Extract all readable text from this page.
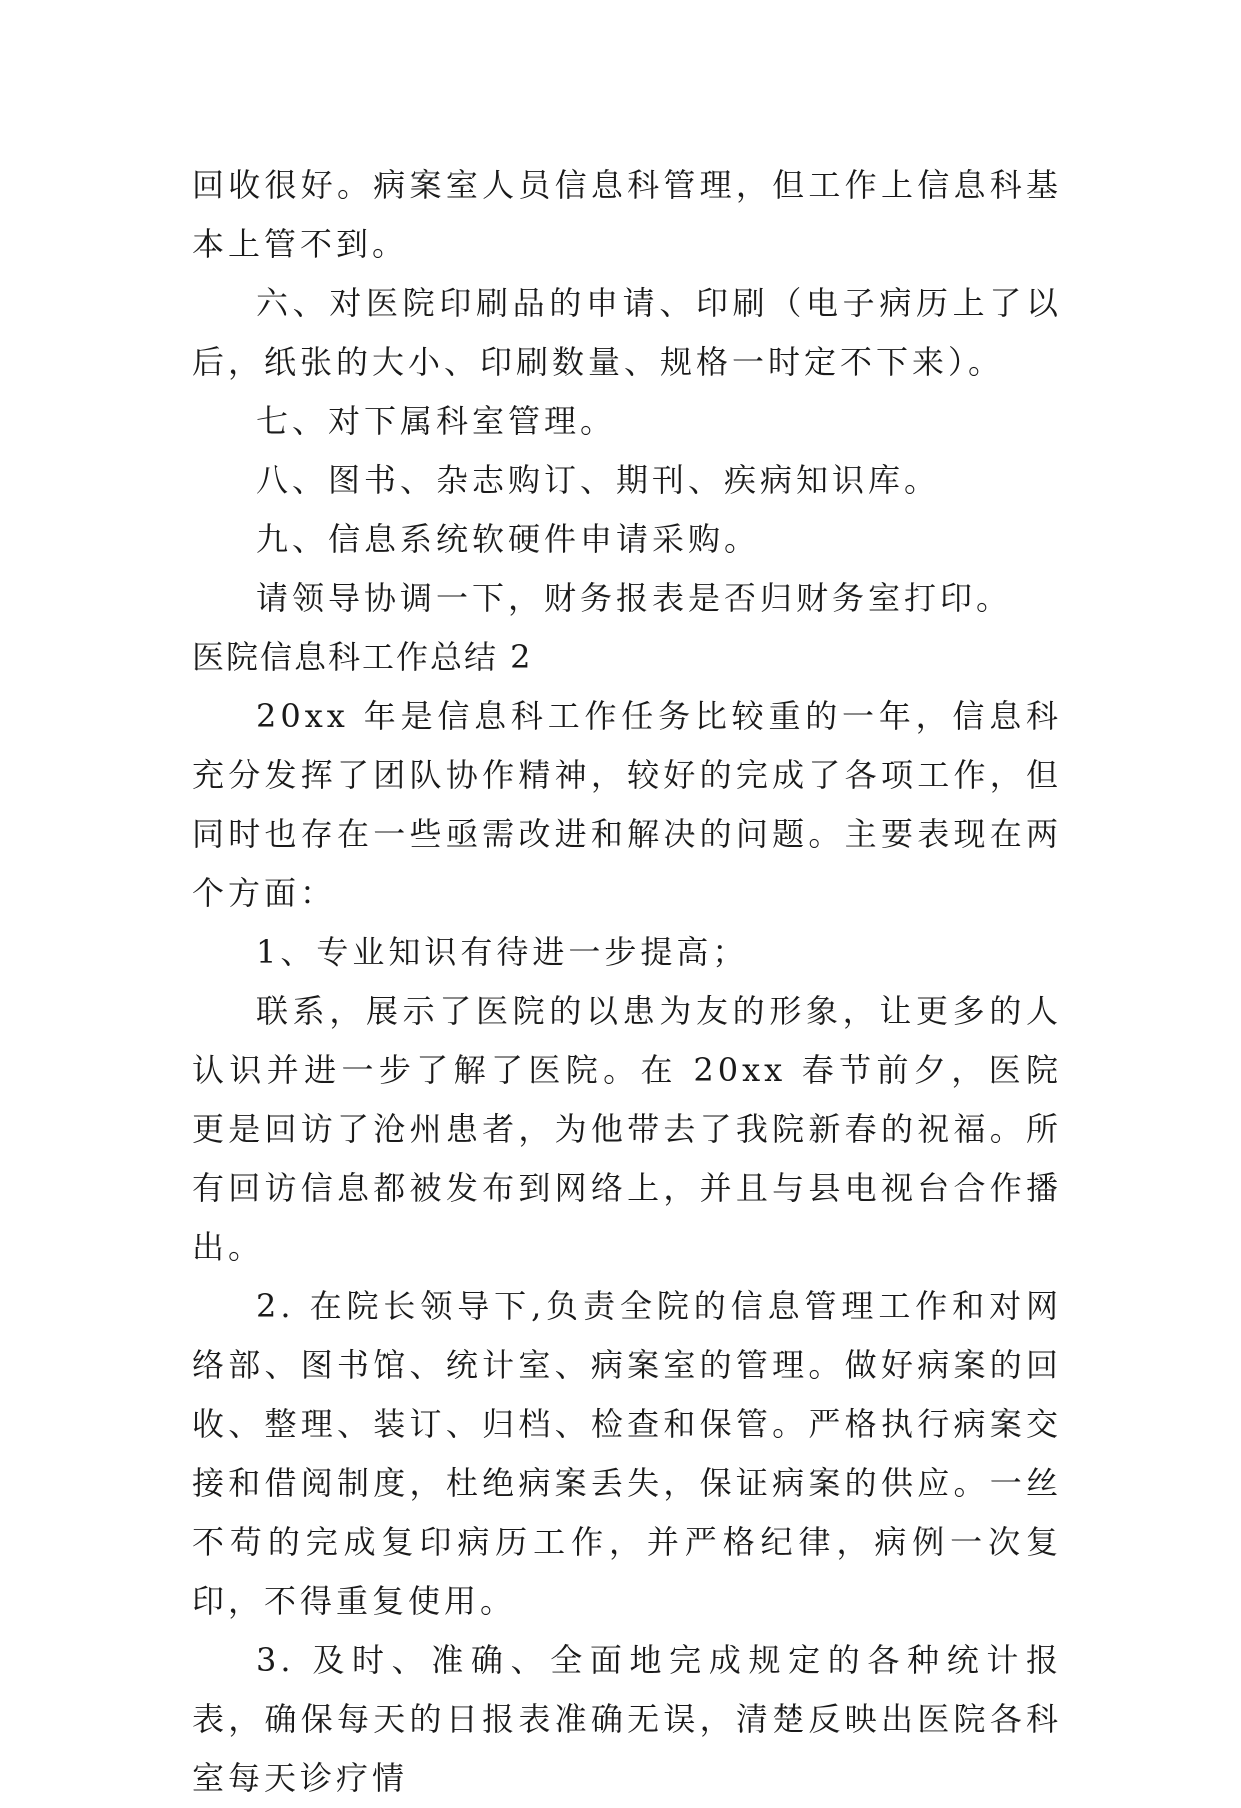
回收很好。病案室人员信息科管理，但工作上信息科基本上管不到。

六、对医院印刷品的申请、印刷（电子病历上了以后，纸张的大小、印刷数量、规格一时定不下来）。

七、对下属科室管理。

八、图书、杂志购订、期刊、疾病知识库。

九、信息系统软硬件申请采购。

请领导协调一下，财务报表是否归财务室打印。

医院信息科工作总结 2

20xx 年是信息科工作任务比较重的一年，信息科充分发挥了团队协作精神，较好的完成了各项工作，但同时也存在一些亟需改进和解决的问题。主要表现在两个方面：

1、专业知识有待进一步提高；

联系，展示了医院的以患为友的形象，让更多的人认识并进一步了解了医院。在 20xx 春节前夕，医院更是回访了沧州患者，为他带去了我院新春的祝福。所有回访信息都被发布到网络上，并且与县电视台合作播出。

2. 在院长领导下,负责全院的信息管理工作和对网络部、图书馆、统计室、病案室的管理。做好病案的回收、整理、装订、归档、检查和保管。严格执行病案交接和借阅制度，杜绝病案丢失，保证病案的供应。一丝不苟的完成复印病历工作，并严格纪律，病例一次复印，不得重复使用。

3. 及时、准确、全面地完成规定的各种统计报表，确保每天的日报表准确无误，清楚反映出医院各科室每天诊疗情
